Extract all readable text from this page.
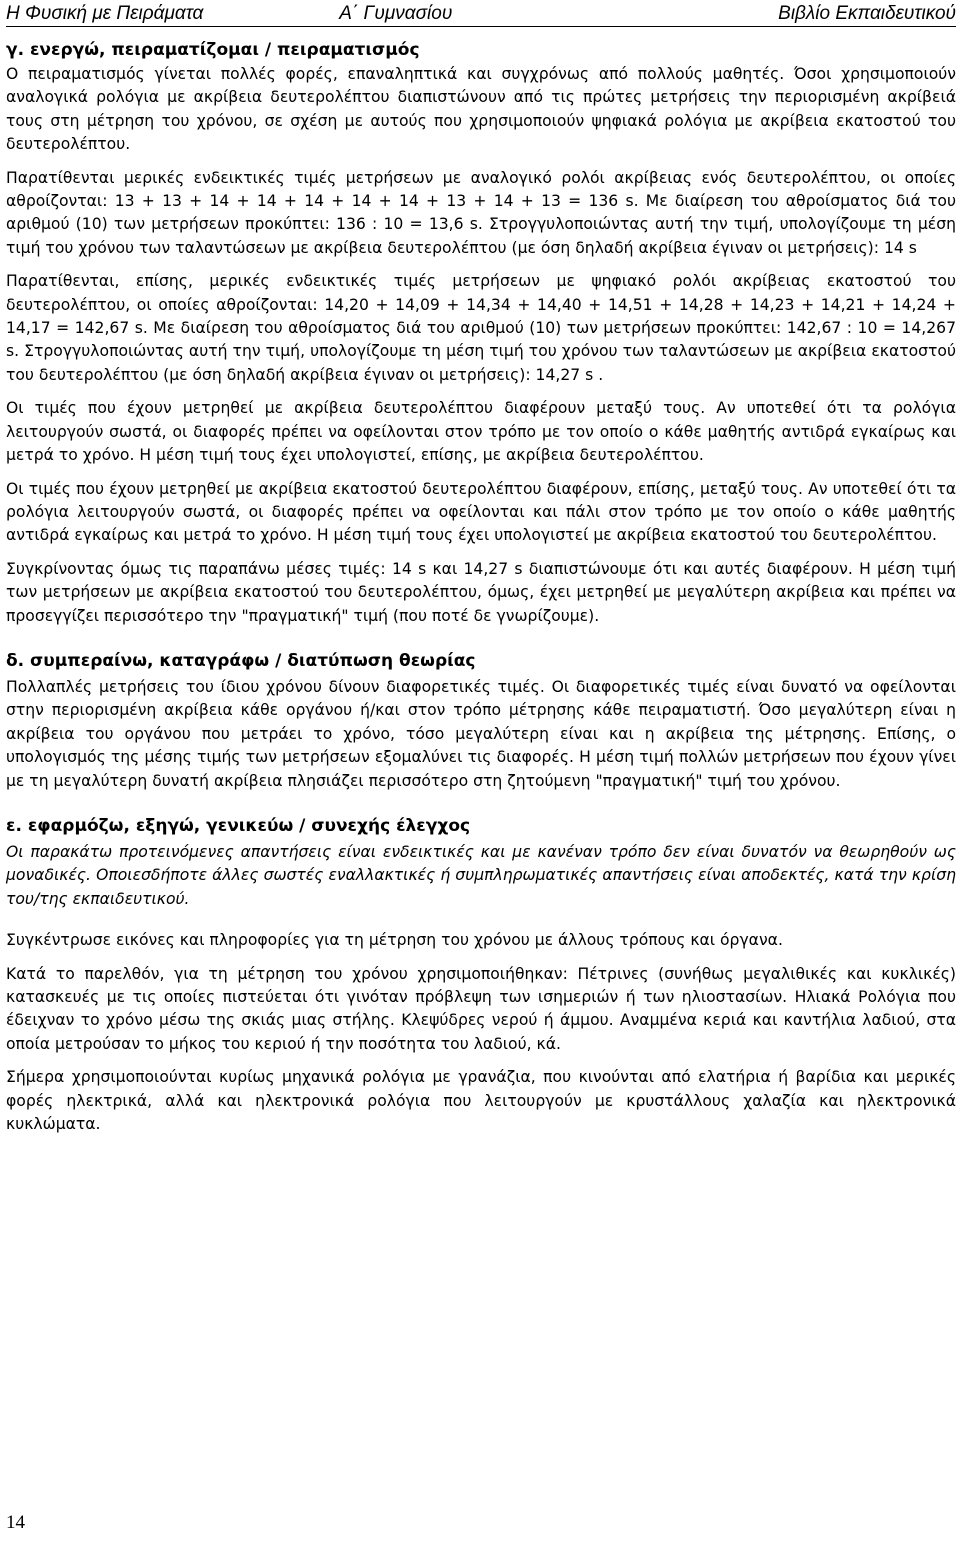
Η Φυσική με Πειράματα	Α΄ Γυμνασίου	Βιβλίο Εκπαιδευτικού
γ. ενεργώ, πειραματίζομαι / πειραματισμός

Ο πειραματισμός γίνεται πολλές φορές, επαναληπτικά και συγχρόνως από πολλούς μαθητές. Όσοι χρησιμοποιούν αναλογικά ρολόγια με ακρίβεια δευτερολέπτου διαπιστώνουν από τις πρώτες μετρήσεις την περιορισμένη ακρίβειά τους στη μέτρηση του χρόνου, σε σχέση με αυτούς που χρησιμοποιούν ψηφιακά ρολόγια με ακρίβεια εκατοστού του δευτερολέπτου.

Παρατίθενται μερικές ενδεικτικές τιμές μετρήσεων με αναλογικό ρολόι ακρίβειας ενός δευτερολέπτου, οι οποίες αθροίζονται: 13 + 13 + 14 + 14 + 14 + 14 + 14 + 13 + 14 + 13 = 136 s. Με διαίρεση του αθροίσματος διά του αριθμού (10) των μετρήσεων προκύπτει: 136 : 10 = 13,6 s. Στρογγυλοποιώντας αυτή την τιμή, υπολογίζουμε τη μέση τιμή του χρόνου των ταλαντώσεων με ακρίβεια δευτερολέπτου (με όση δηλαδή ακρίβεια έγιναν οι μετρήσεις): 14 s

Παρατίθενται, επίσης, μερικές ενδεικτικές τιμές μετρήσεων με ψηφιακό ρολόι ακρίβειας εκατοστού του δευτερολέπτου, οι οποίες αθροίζονται: 14,20 + 14,09 + 14,34 + 14,40 + 14,51 + 14,28 + 14,23 + 14,21 + 14,24 + 14,17 = 142,67 s. Με διαίρεση του αθροίσματος διά του αριθμού (10) των μετρήσεων προκύπτει: 142,67 : 10 = 14,267 s. Στρογγυλοποιώντας αυτή την τιμή, υπολογίζουμε τη μέση τιμή του χρόνου των ταλαντώσεων με ακρίβεια εκατοστού του δευτερολέπτου (με όση δηλαδή ακρίβεια έγιναν οι μετρήσεις): 14,27 s .

Οι τιμές που έχουν μετρηθεί με ακρίβεια δευτερολέπτου διαφέρουν μεταξύ τους. Αν υποτεθεί ότι τα ρολόγια λειτουργούν σωστά, οι διαφορές πρέπει να οφείλονται στον τρόπο με τον οποίο ο κάθε μαθητής αντιδρά εγκαίρως και μετρά το χρόνο. Η μέση τιμή τους έχει υπολογιστεί, επίσης, με ακρίβεια δευτερολέπτου.

Οι τιμές που έχουν μετρηθεί με ακρίβεια εκατοστού δευτερολέπτου διαφέρουν, επίσης, μεταξύ τους. Αν υποτεθεί ότι τα ρολόγια λειτουργούν σωστά, οι διαφορές πρέπει να οφείλονται και πάλι στον τρόπο με τον οποίο ο κάθε μαθητής αντιδρά εγκαίρως και μετρά το χρόνο. Η μέση τιμή τους έχει υπολογιστεί με ακρίβεια εκατοστού του δευτερολέπτου.

Συγκρίνοντας όμως τις παραπάνω μέσες τιμές: 14 s και 14,27 s διαπιστώνουμε ότι και αυτές διαφέρουν. Η μέση τιμή των μετρήσεων με ακρίβεια εκατοστού του δευτερολέπτου, όμως, έχει μετρηθεί με μεγαλύτερη ακρίβεια και πρέπει να προσεγγίζει περισσότερο την "πραγματική" τιμή (που ποτέ δε γνωρίζουμε).

δ. συμπεραίνω, καταγράφω / διατύπωση θεωρίας

Πολλαπλές μετρήσεις του ίδιου χρόνου δίνουν διαφορετικές τιμές. Οι διαφορετικές τιμές είναι δυνατό να οφείλονται στην περιορισμένη ακρίβεια κάθε οργάνου ή/και στον τρόπο μέτρησης κάθε πειραματιστή. Όσο μεγαλύτερη είναι η ακρίβεια του οργάνου που μετράει το χρόνο, τόσο μεγαλύτερη είναι και η ακρίβεια της μέτρησης. Επίσης, ο υπολογισμός της μέσης τιμής των μετρήσεων εξομαλύνει τις διαφορές. Η μέση τιμή πολλών μετρήσεων που έχουν γίνει με τη μεγαλύτερη δυνατή ακρίβεια πλησιάζει περισσότερο στη ζητούμενη "πραγματική" τιμή του χρόνου.

ε. εφαρμόζω, εξηγώ, γενικεύω / συνεχής έλεγχος

Οι παρακάτω προτεινόμενες απαντήσεις είναι ενδεικτικές και με κανέναν τρόπο δεν είναι δυνατόν να θεωρηθούν ως μοναδικές. Οποιεσδήποτε άλλες σωστές εναλλακτικές ή συμπληρωματικές απαντήσεις είναι αποδεκτές, κατά την κρίση του/της εκπαιδευτικού.

Συγκέντρωσε εικόνες και πληροφορίες για τη μέτρηση του χρόνου με άλλους τρόπους και όργανα.

Κατά το παρελθόν, για τη μέτρηση του χρόνου χρησιμοποιήθηκαν: Πέτρινες (συνήθως μεγαλιθικές και κυκλικές) κατασκευές με τις οποίες πιστεύεται ότι γινόταν πρόβλεψη των ισημεριών ή των ηλιοστασίων. Ηλιακά Ρολόγια που έδειχναν το χρόνο μέσω της σκιάς μιας στήλης. Κλεψύδρες νερού ή άμμου. Αναμμένα κεριά και καντήλια λαδιού, στα οποία μετρούσαν το μήκος του κεριού ή την ποσότητα του λαδιού, κά.

Σήμερα χρησιμοποιούνται κυρίως μηχανικά ρολόγια με γρανάζια, που κινούνται από ελατήρια ή βαρίδια και μερικές φορές ηλεκτρικά, αλλά και ηλεκτρονικά ρολόγια που λειτουργούν με κρυστάλλους χαλαζία και ηλεκτρονικά κυκλώματα.

14
